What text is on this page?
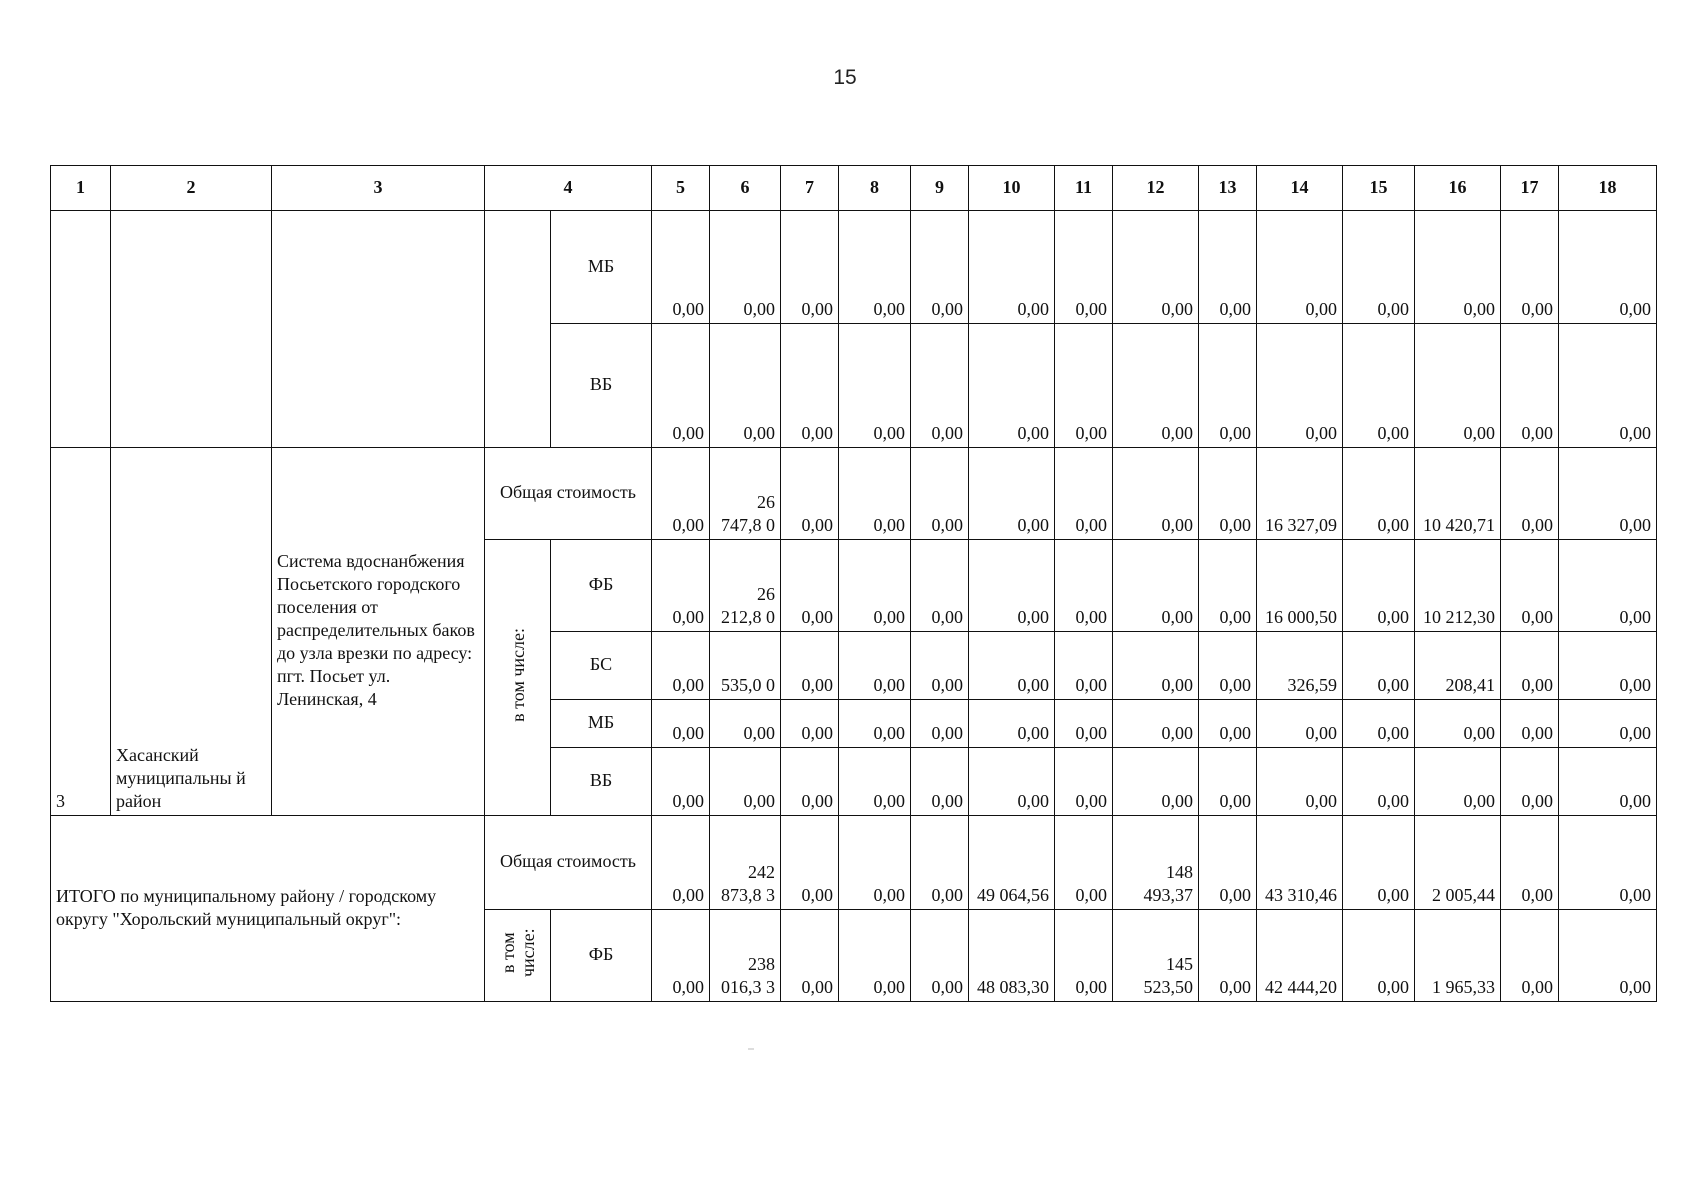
15
1	2	3	4		5	6	7	8	9	10	11	12	13	14	15	16	17	18
				МБ	0,00	0,00	0,00	0,00	0,00	0,00	0,00	0,00	0,00	0,00	0,00	0,00	0,00	0,00
				ВБ	0,00	0,00	0,00	0,00	0,00	0,00	0,00	0,00	0,00	0,00	0,00	0,00	0,00	0,00
3	Хасанский муниципальны й район	Система вдоснанбжения Посьетского городского поселения от распределительных баков до узла врезки по адресу: пгт. Посьет ул. Ленинская, 4	Общая стоимость		0,00	26 747,8 0	0,00	0,00	0,00	0,00	0,00	0,00	0,00	16 327,09	0,00	10 420,71	0,00	0,00
			в том числе:	ФБ	0,00	26 212,8 0	0,00	0,00	0,00	0,00	0,00	0,00	0,00	16 000,50	0,00	10 212,30	0,00	0,00
				БС	0,00	535,0 0	0,00	0,00	0,00	0,00	0,00	0,00	0,00	326,59	0,00	208,41	0,00	0,00
				МБ	0,00	0,00	0,00	0,00	0,00	0,00	0,00	0,00	0,00	0,00	0,00	0,00	0,00	0,00
				ВБ	0,00	0,00	0,00	0,00	0,00	0,00	0,00	0,00	0,00	0,00	0,00	0,00	0,00	0,00
ИТОГО по муниципальному району / городскому округу "Хорольский муниципальный округ":			Общая стоимость		0,00	242 873,8 3	0,00	0,00	0,00	49 064,56	0,00	148 493,37	0,00	43 310,46	0,00	2 005,44	0,00	0,00
			в том числе:	ФБ	0,00	238 016,3 3	0,00	0,00	0,00	48 083,30	0,00	145 523,50	0,00	42 444,20	0,00	1 965,33	0,00	0,00
